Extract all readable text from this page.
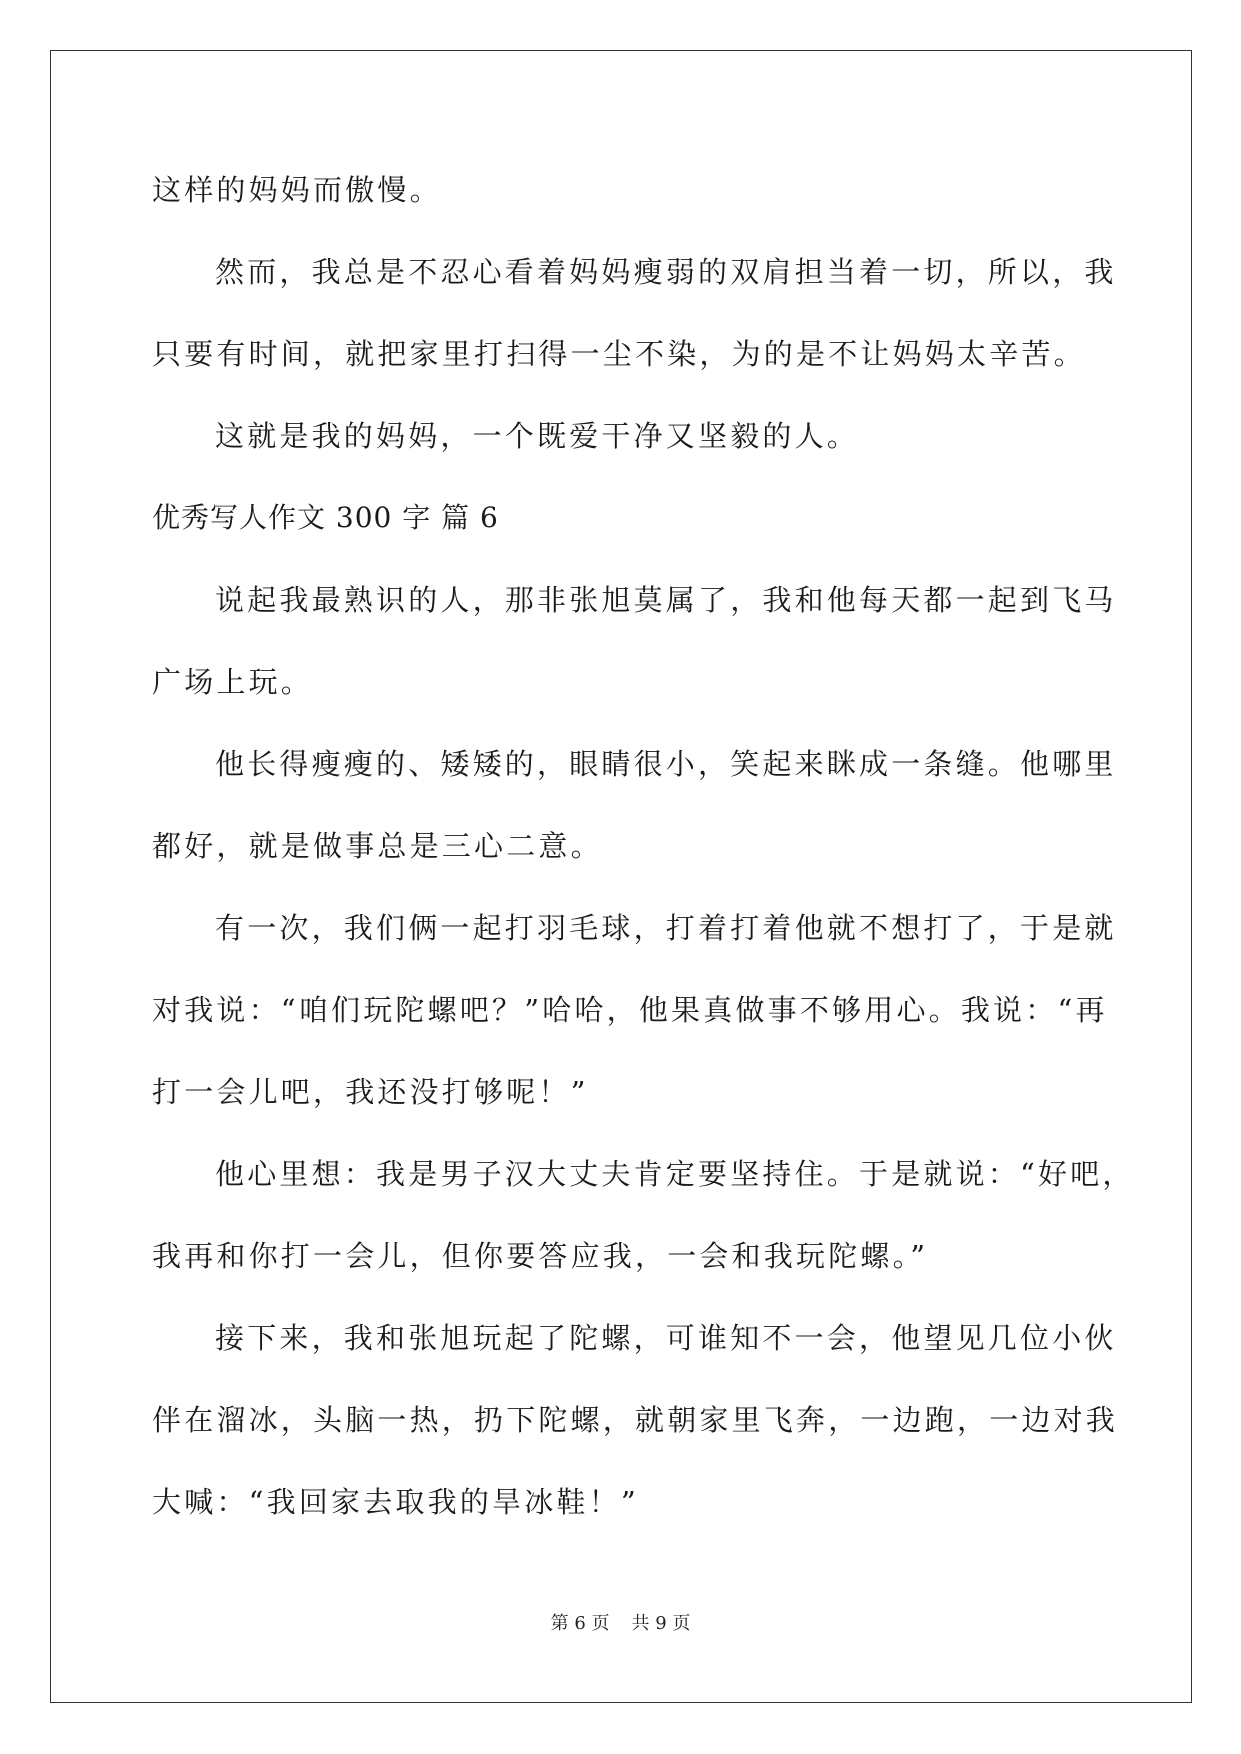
这样的妈妈而傲慢。
然而，我总是不忍心看着妈妈瘦弱的双肩担当着一切，所以，我
只要有时间，就把家里打扫得一尘不染，为的是不让妈妈太辛苦。
这就是我的妈妈，一个既爱干净又坚毅的人。
优秀写人作文 300 字 篇 6
说起我最熟识的人，那非张旭莫属了，我和他每天都一起到飞马
广场上玩。
他长得瘦瘦的、矮矮的，眼睛很小，笑起来眯成一条缝。他哪里
都好，就是做事总是三心二意。
有一次，我们俩一起打羽毛球，打着打着他就不想打了，于是就
对我说：“咱们玩陀螺吧？”哈哈，他果真做事不够用心。我说：“再
打一会儿吧，我还没打够呢！”
他心里想：我是男子汉大丈夫肯定要坚持住。于是就说：“好吧，
我再和你打一会儿，但你要答应我，一会和我玩陀螺。”
接下来，我和张旭玩起了陀螺，可谁知不一会，他望见几位小伙
伴在溜冰，头脑一热，扔下陀螺，就朝家里飞奔，一边跑，一边对我
大喊：“我回家去取我的旱冰鞋！”
第 6 页 共 9 页
